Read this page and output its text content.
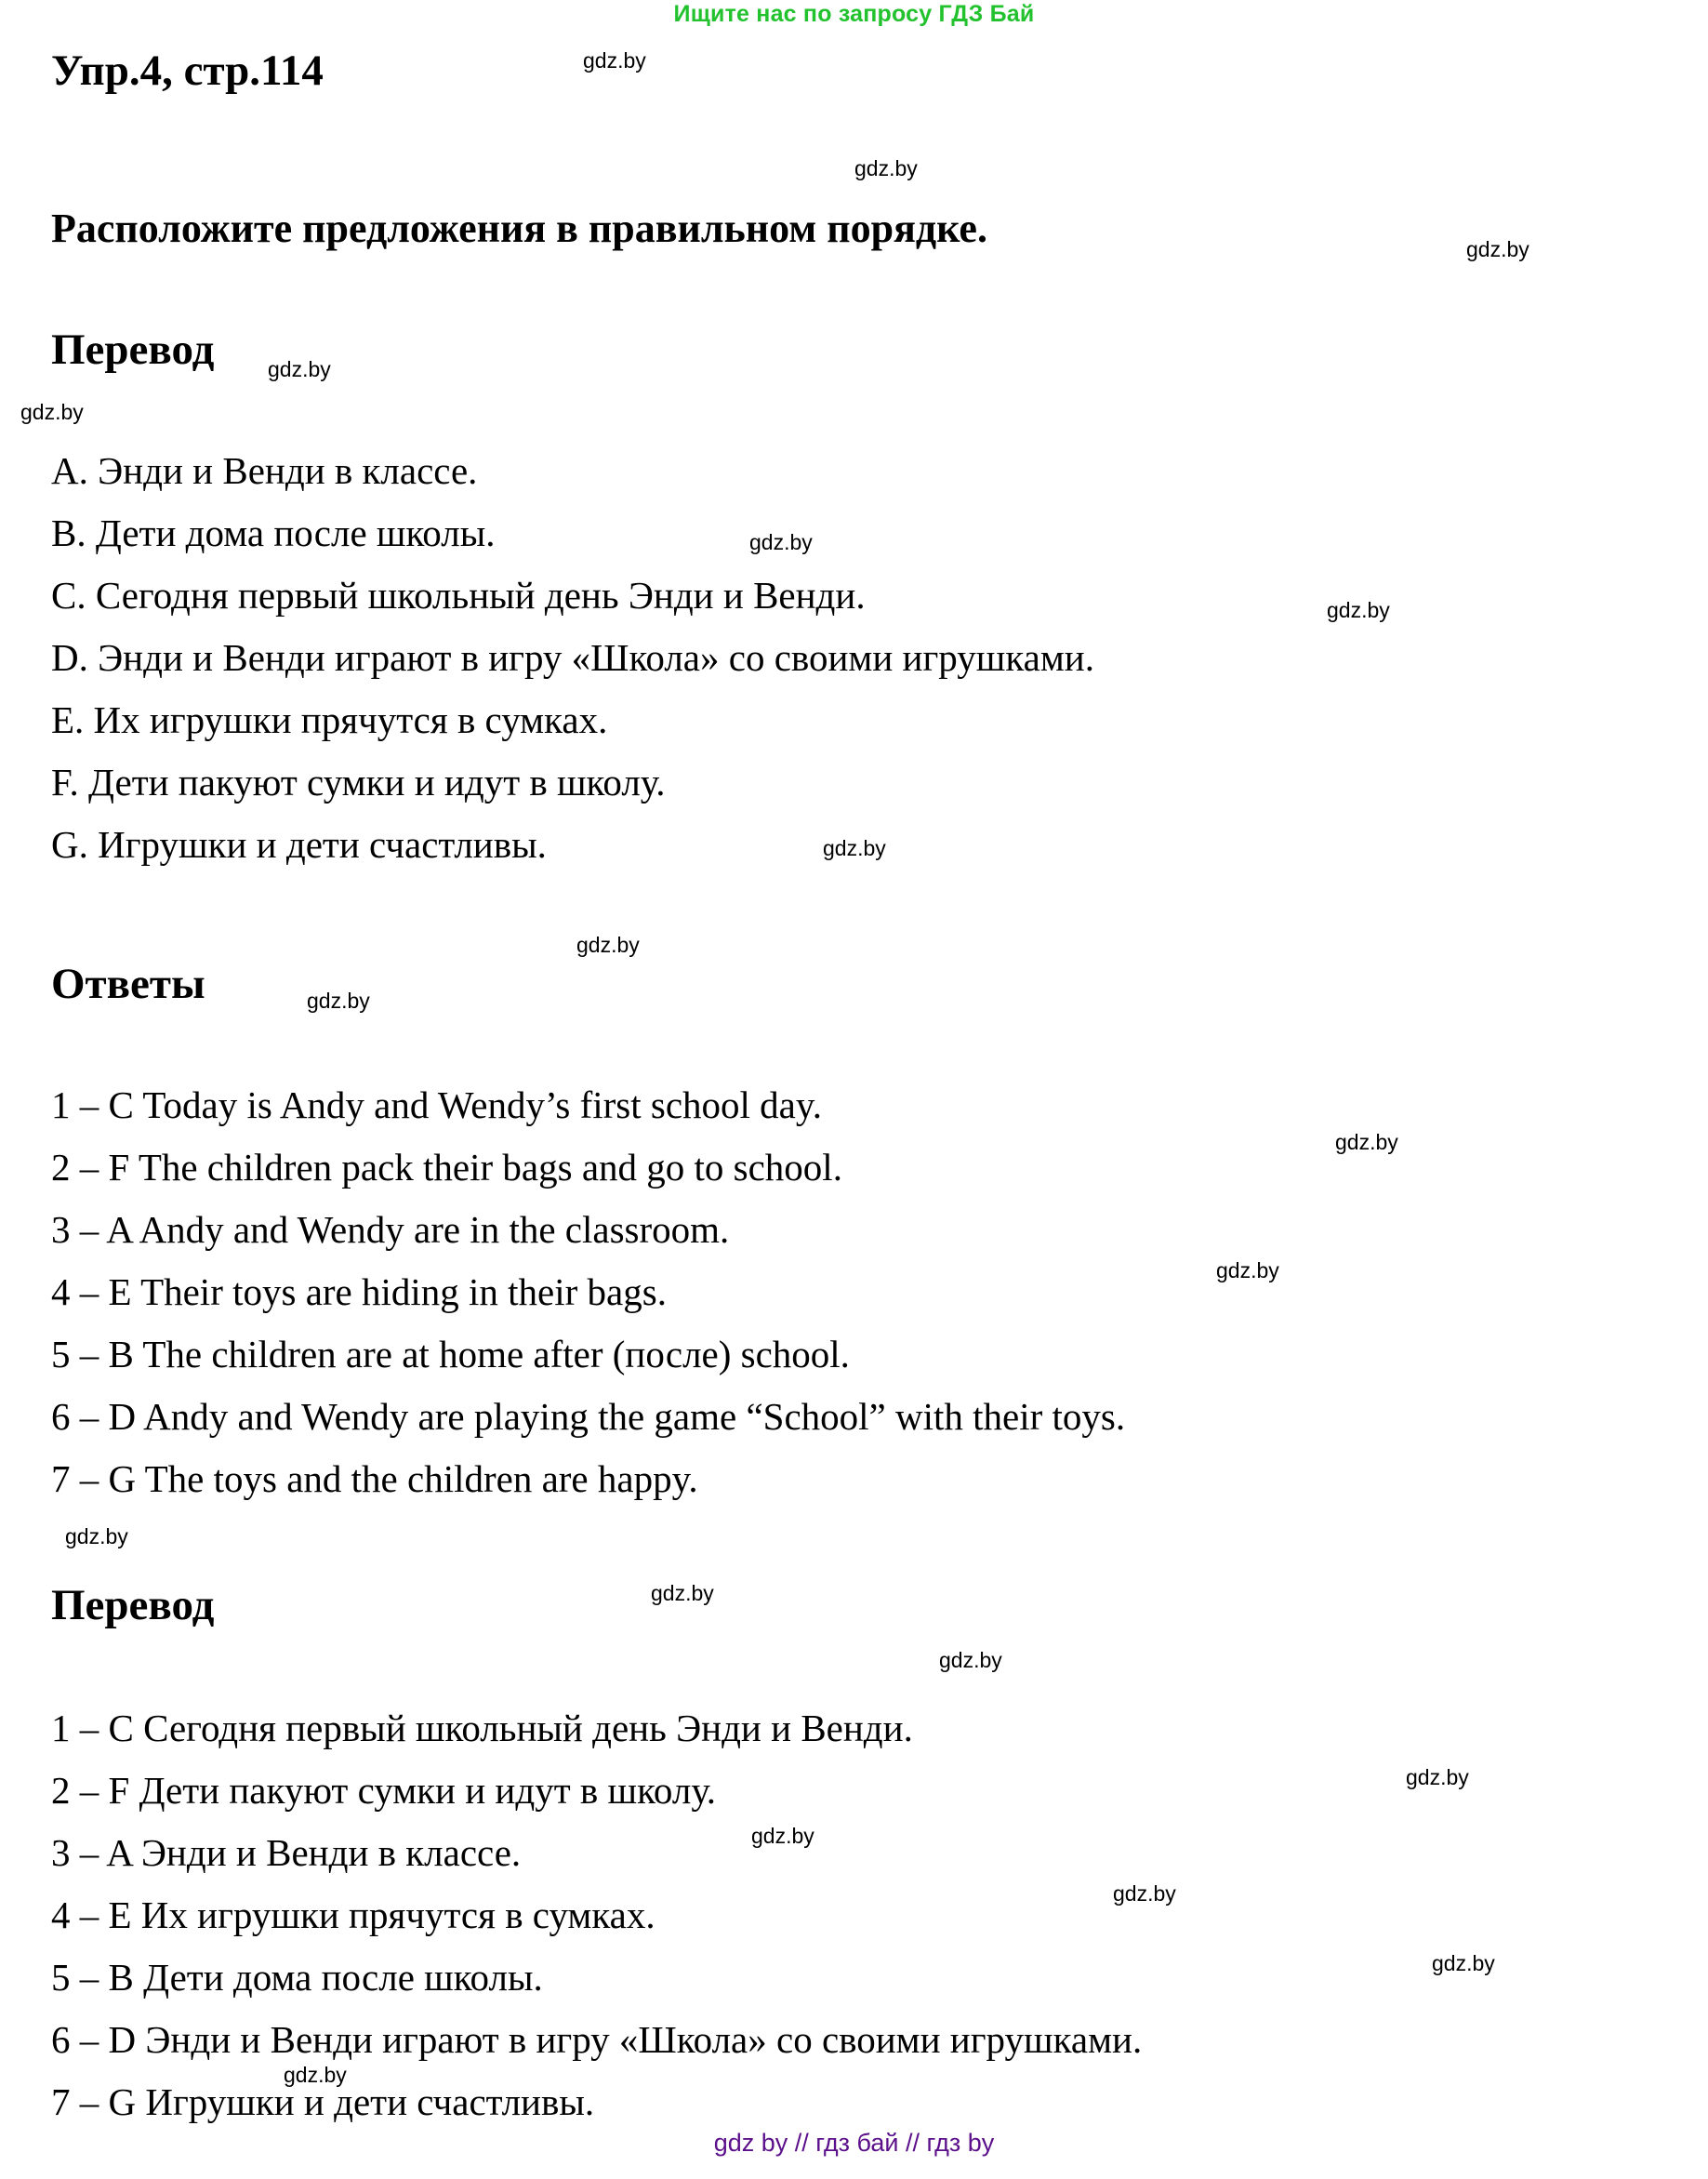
Ищите нас по запросу ГДЗ Бай
Упр.4, стр.114
Расположите предложения в правильном порядке.
Перевод
A. Энди и Венди в классе.
B. Дети дома после школы.
C. Сегодня первый школьный день Энди и Венди.
D. Энди и Венди играют в игру «Школа» со своими игрушками.
E. Их игрушки прячутся в сумках.
F. Дети пакуют сумки и идут в школу.
G. Игрушки и дети счастливы.
Ответы
1 – C Today is Andy and Wendy’s first school day.
2 – F The children pack their bags and go to school.
3 – A Andy and Wendy are in the classroom.
4 – E Their toys are hiding in their bags.
5 – B The children are at home after (после) school.
6 – D Andy and Wendy are playing the game “School” with their toys.
7 – G The toys and the children are happy.
Перевод
1 – C Сегодня первый школьный день Энди и Венди.
2 – F Дети пакуют сумки и идут в школу.
3 – A Энди и Венди в классе.
4 – E Их игрушки прячутся в сумках.
5 – B Дети дома после школы.
6 – D Энди и Венди играют в игру «Школа» со своими игрушками.
7 – G Игрушки и дети счастливы.
gdz.by
gdz.by
gdz.by
gdz.by
gdz.by
gdz.by
gdz.by
gdz.by
gdz.by
gdz.by
gdz.by
gdz.by
gdz.by
gdz.by
gdz.by
gdz.by
gdz.by
gdz.by
gdz.by
gdz.by
gdz by // гдз бай // гдз by
